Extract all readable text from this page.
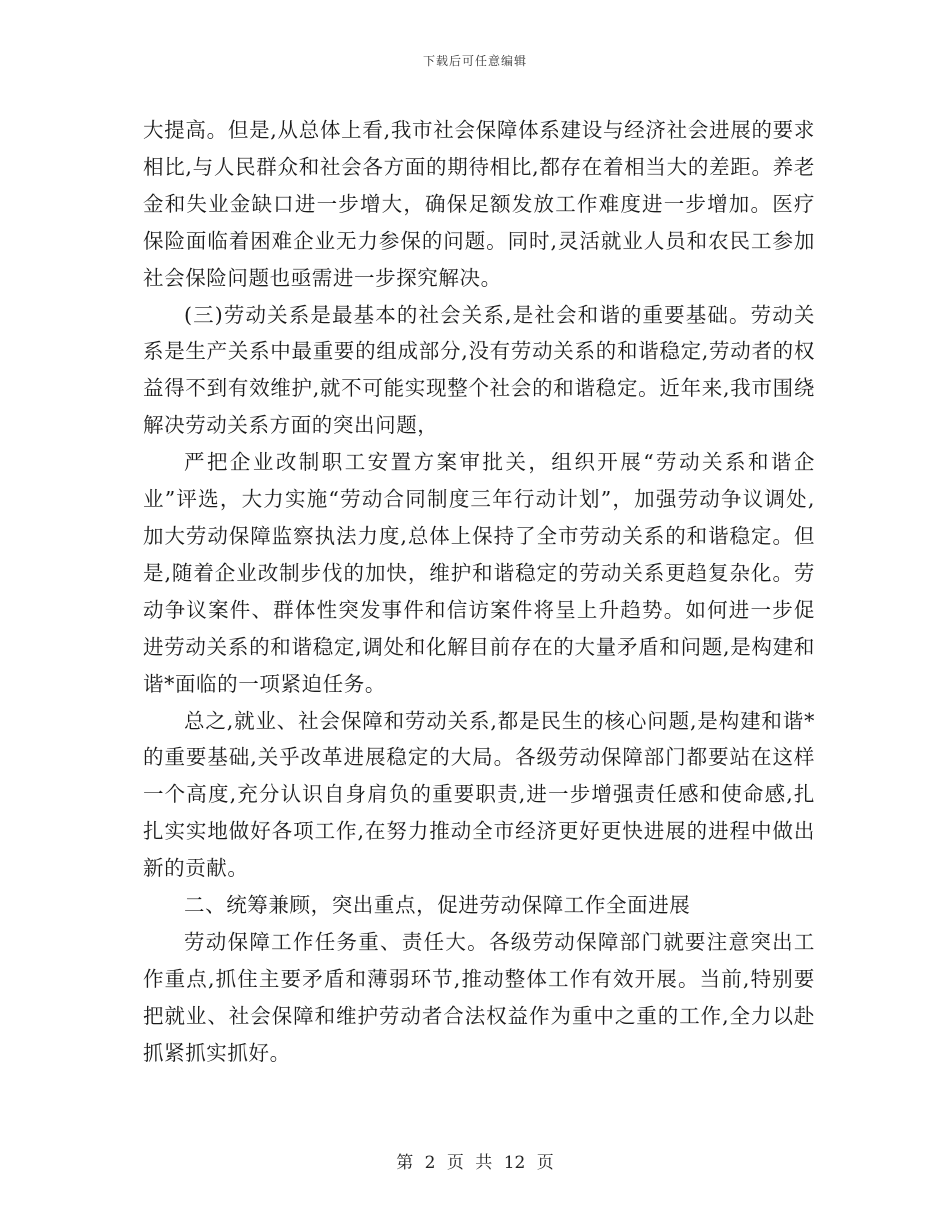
下载后可任意编辑

大提高。但是,从总体上看,我市社会保障体系建设与经济社会进展的要求相比,与人民群众和社会各方面的期待相比,都存在着相当大的差距。养老金和失业金缺口进一步增大，确保足额发放工作难度进一步增加。医疗保险面临着困难企业无力参保的问题。同时,灵活就业人员和农民工参加社会保险问题也亟需进一步探究解决。

(三)劳动关系是最基本的社会关系,是社会和谐的重要基础。劳动关系是生产关系中最重要的组成部分,没有劳动关系的和谐稳定,劳动者的权益得不到有效维护,就不可能实现整个社会的和谐稳定。近年来,我市围绕解决劳动关系方面的突出问题，

严把企业改制职工安置方案审批关，组织开展“劳动关系和谐企业”评选，大力实施“劳动合同制度三年行动计划”，加强劳动争议调处,加大劳动保障监察执法力度,总体上保持了全市劳动关系的和谐稳定。但是,随着企业改制步伐的加快，维护和谐稳定的劳动关系更趋复杂化。劳动争议案件、群体性突发事件和信访案件将呈上升趋势。如何进一步促进劳动关系的和谐稳定,调处和化解目前存在的大量矛盾和问题,是构建和谐*面临的一项紧迫任务。

总之,就业、社会保障和劳动关系,都是民生的核心问题,是构建和谐*的重要基础,关乎改革进展稳定的大局。各级劳动保障部门都要站在这样一个高度,充分认识自身肩负的重要职责,进一步增强责任感和使命感,扎扎实实地做好各项工作,在努力推动全市经济更好更快进展的进程中做出新的贡献。

二、统筹兼顾，突出重点，促进劳动保障工作全面进展

劳动保障工作任务重、责任大。各级劳动保障部门就要注意突出工作重点,抓住主要矛盾和薄弱环节,推动整体工作有效开展。当前,特别要把就业、社会保障和维护劳动者合法权益作为重中之重的工作,全力以赴抓紧抓实抓好。

第 2 页 共 12 页
